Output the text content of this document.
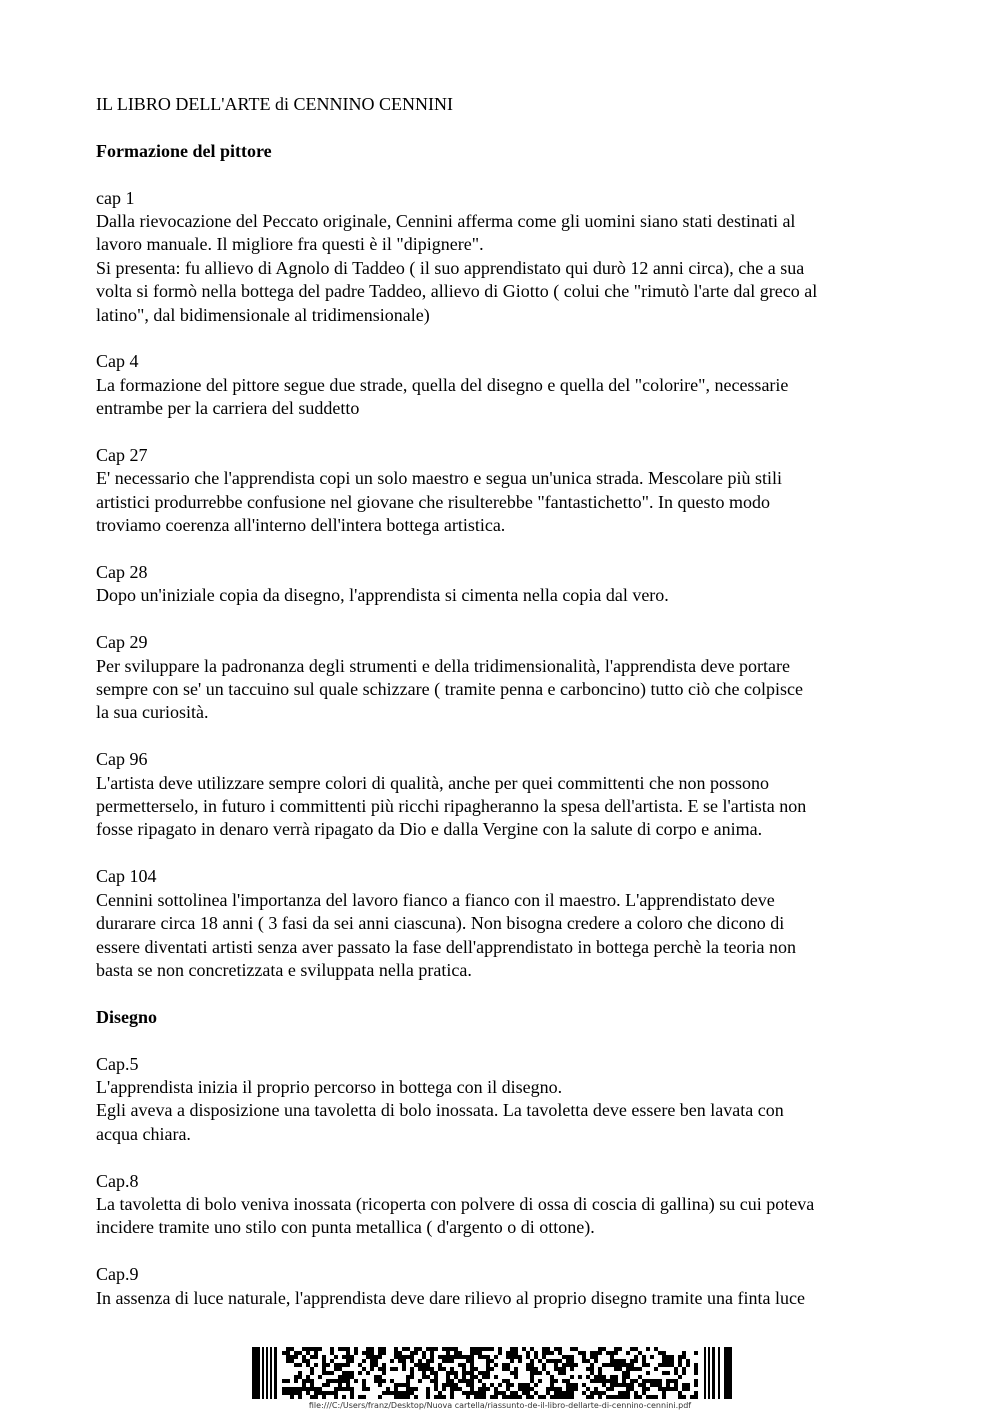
IL LIBRO DELL'ARTE di CENNINO CENNINI

Formazione del pittore

cap 1

Dalla rievocazione del Peccato originale, Cennini afferma come gli uomini siano stati destinati al

lavoro manuale. Il migliore fra questi è il "dipignere".

Si presenta: fu allievo di Agnolo di Taddeo ( il suo apprendistato qui durò 12 anni circa), che a sua

volta si formò nella bottega del padre Taddeo, allievo di Giotto ( colui che "rimutò l'arte dal greco al

latino", dal bidimensionale al tridimensionale)

Cap 4

La formazione del pittore segue due strade, quella del disegno e quella del "colorire", necessarie

entrambe per la carriera del suddetto

Cap 27

E' necessario che l'apprendista copi un solo maestro e segua un'unica strada. Mescolare più stili

artistici produrrebbe confusione nel giovane che risulterebbe "fantastichetto". In questo modo

troviamo coerenza all'interno dell'intera bottega artistica.

Cap 28

Dopo un'iniziale copia da disegno, l'apprendista si cimenta nella copia dal vero.

Cap 29

Per sviluppare la padronanza degli strumenti e della tridimensionalità, l'apprendista deve portare

sempre con se' un taccuino sul quale schizzare ( tramite penna e carboncino) tutto ciò che colpisce

la sua curiosità.

Cap 96

L'artista deve utilizzare sempre colori di qualità, anche per quei committenti che non possono

permetterselo, in futuro i committenti più ricchi ripagheranno la spesa dell'artista. E se l'artista non

fosse ripagato in denaro verrà ripagato da Dio e dalla Vergine con la salute di corpo e anima.

Cap 104

Cennini sottolinea l'importanza del lavoro fianco a fianco con il maestro. L'apprendistato deve

durarare circa 18 anni ( 3 fasi da sei anni ciascuna). Non bisogna credere a coloro che dicono di

essere diventati artisti senza aver passato la fase dell'apprendistato in bottega perchè la teoria non

basta se non concretizzata e sviluppata nella pratica.

Disegno

Cap.5

L'apprendista inizia il proprio percorso in bottega con il disegno.

Egli aveva a disposizione una tavoletta di bolo inossata. La tavoletta deve essere ben lavata con

acqua chiara.

Cap.8

La tavoletta di bolo veniva inossata (ricoperta con polvere di ossa di coscia di gallina) su cui poteva

incidere tramite uno stilo con punta metallica ( d'argento o di ottone).

Cap.9

In assenza di luce naturale, l'apprendista deve dare rilievo al proprio disegno tramite una finta luce

file:///C:/Users/franz/Desktop/Nuova cartella/riassunto-de-il-libro-dellarte-di-cennino-cennini.pdf
